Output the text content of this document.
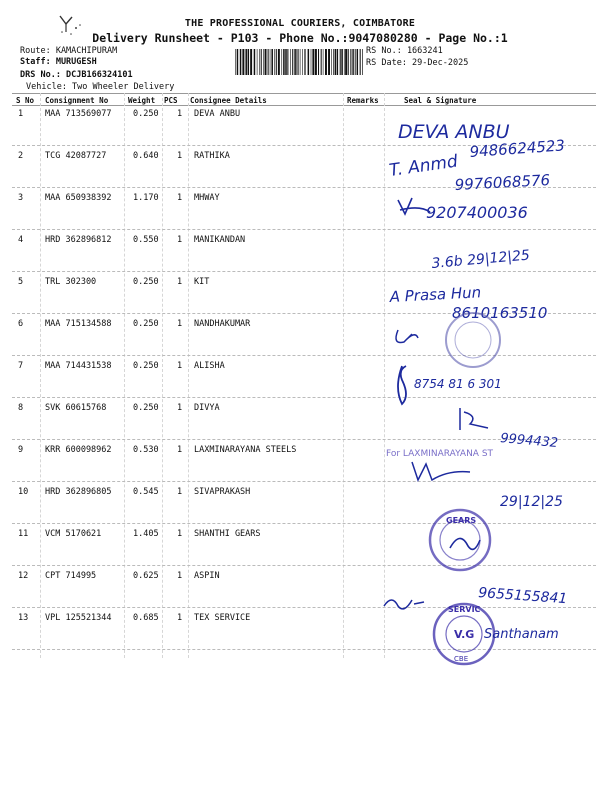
THE PROFESSIONAL COURIERS, COIMBATORE
Delivery Runsheet - P103 - Phone No.:9047080280 - Page No.:1
Route: KAMACHIPURAM
Staff: MURUGESH
DRS No.: DCJB166324101
Vehicle: Two Wheeler Delivery
RS No.: 1663241
RS Date: 29-Dec-2025
S No Consignment No	Weight PCS Consignee Details	Remarks	Seal & Signature
1	MAA 713569077	0.250 1 DEVA ANBU
2	TCG 42087727	0.640 1 RATHIKA
3	MAA 650938392	1.170 1 MHWAY
4	HRD 362896812	0.550 1 MANIKANDAN
5	TRL 302300	0.250 1 KIT
6	MAA 715134588	0.250 1 NANDHAKUMAR
7	MAA 714431538	0.250 1 ALISHA
8	SVK 60615768	0.250 1 DIVYA
9	KRR 600098962	0.530 1 LAXMINARAYANA STEELS
10 HRD 362896805	0.545 1 SIVAPRAKASH
11 VCM 5170621	1.405 1 SHANTHI GEARS
12 CPT 714995	0.625 1 ASPIN
13 VPL 125521344	0.685 1 TEX SERVICE
DEVA ANBU
9486624523
T. Anmd
9976068576
9207400036
3.6b 29|12|25
A Prasa Hun
8610163510
8754 81 6 301
9994432
For LAXMINARAYANA ST
29|12|25
GEARS
9655155841
SERVIC
V.G
CBE
Santhanam
